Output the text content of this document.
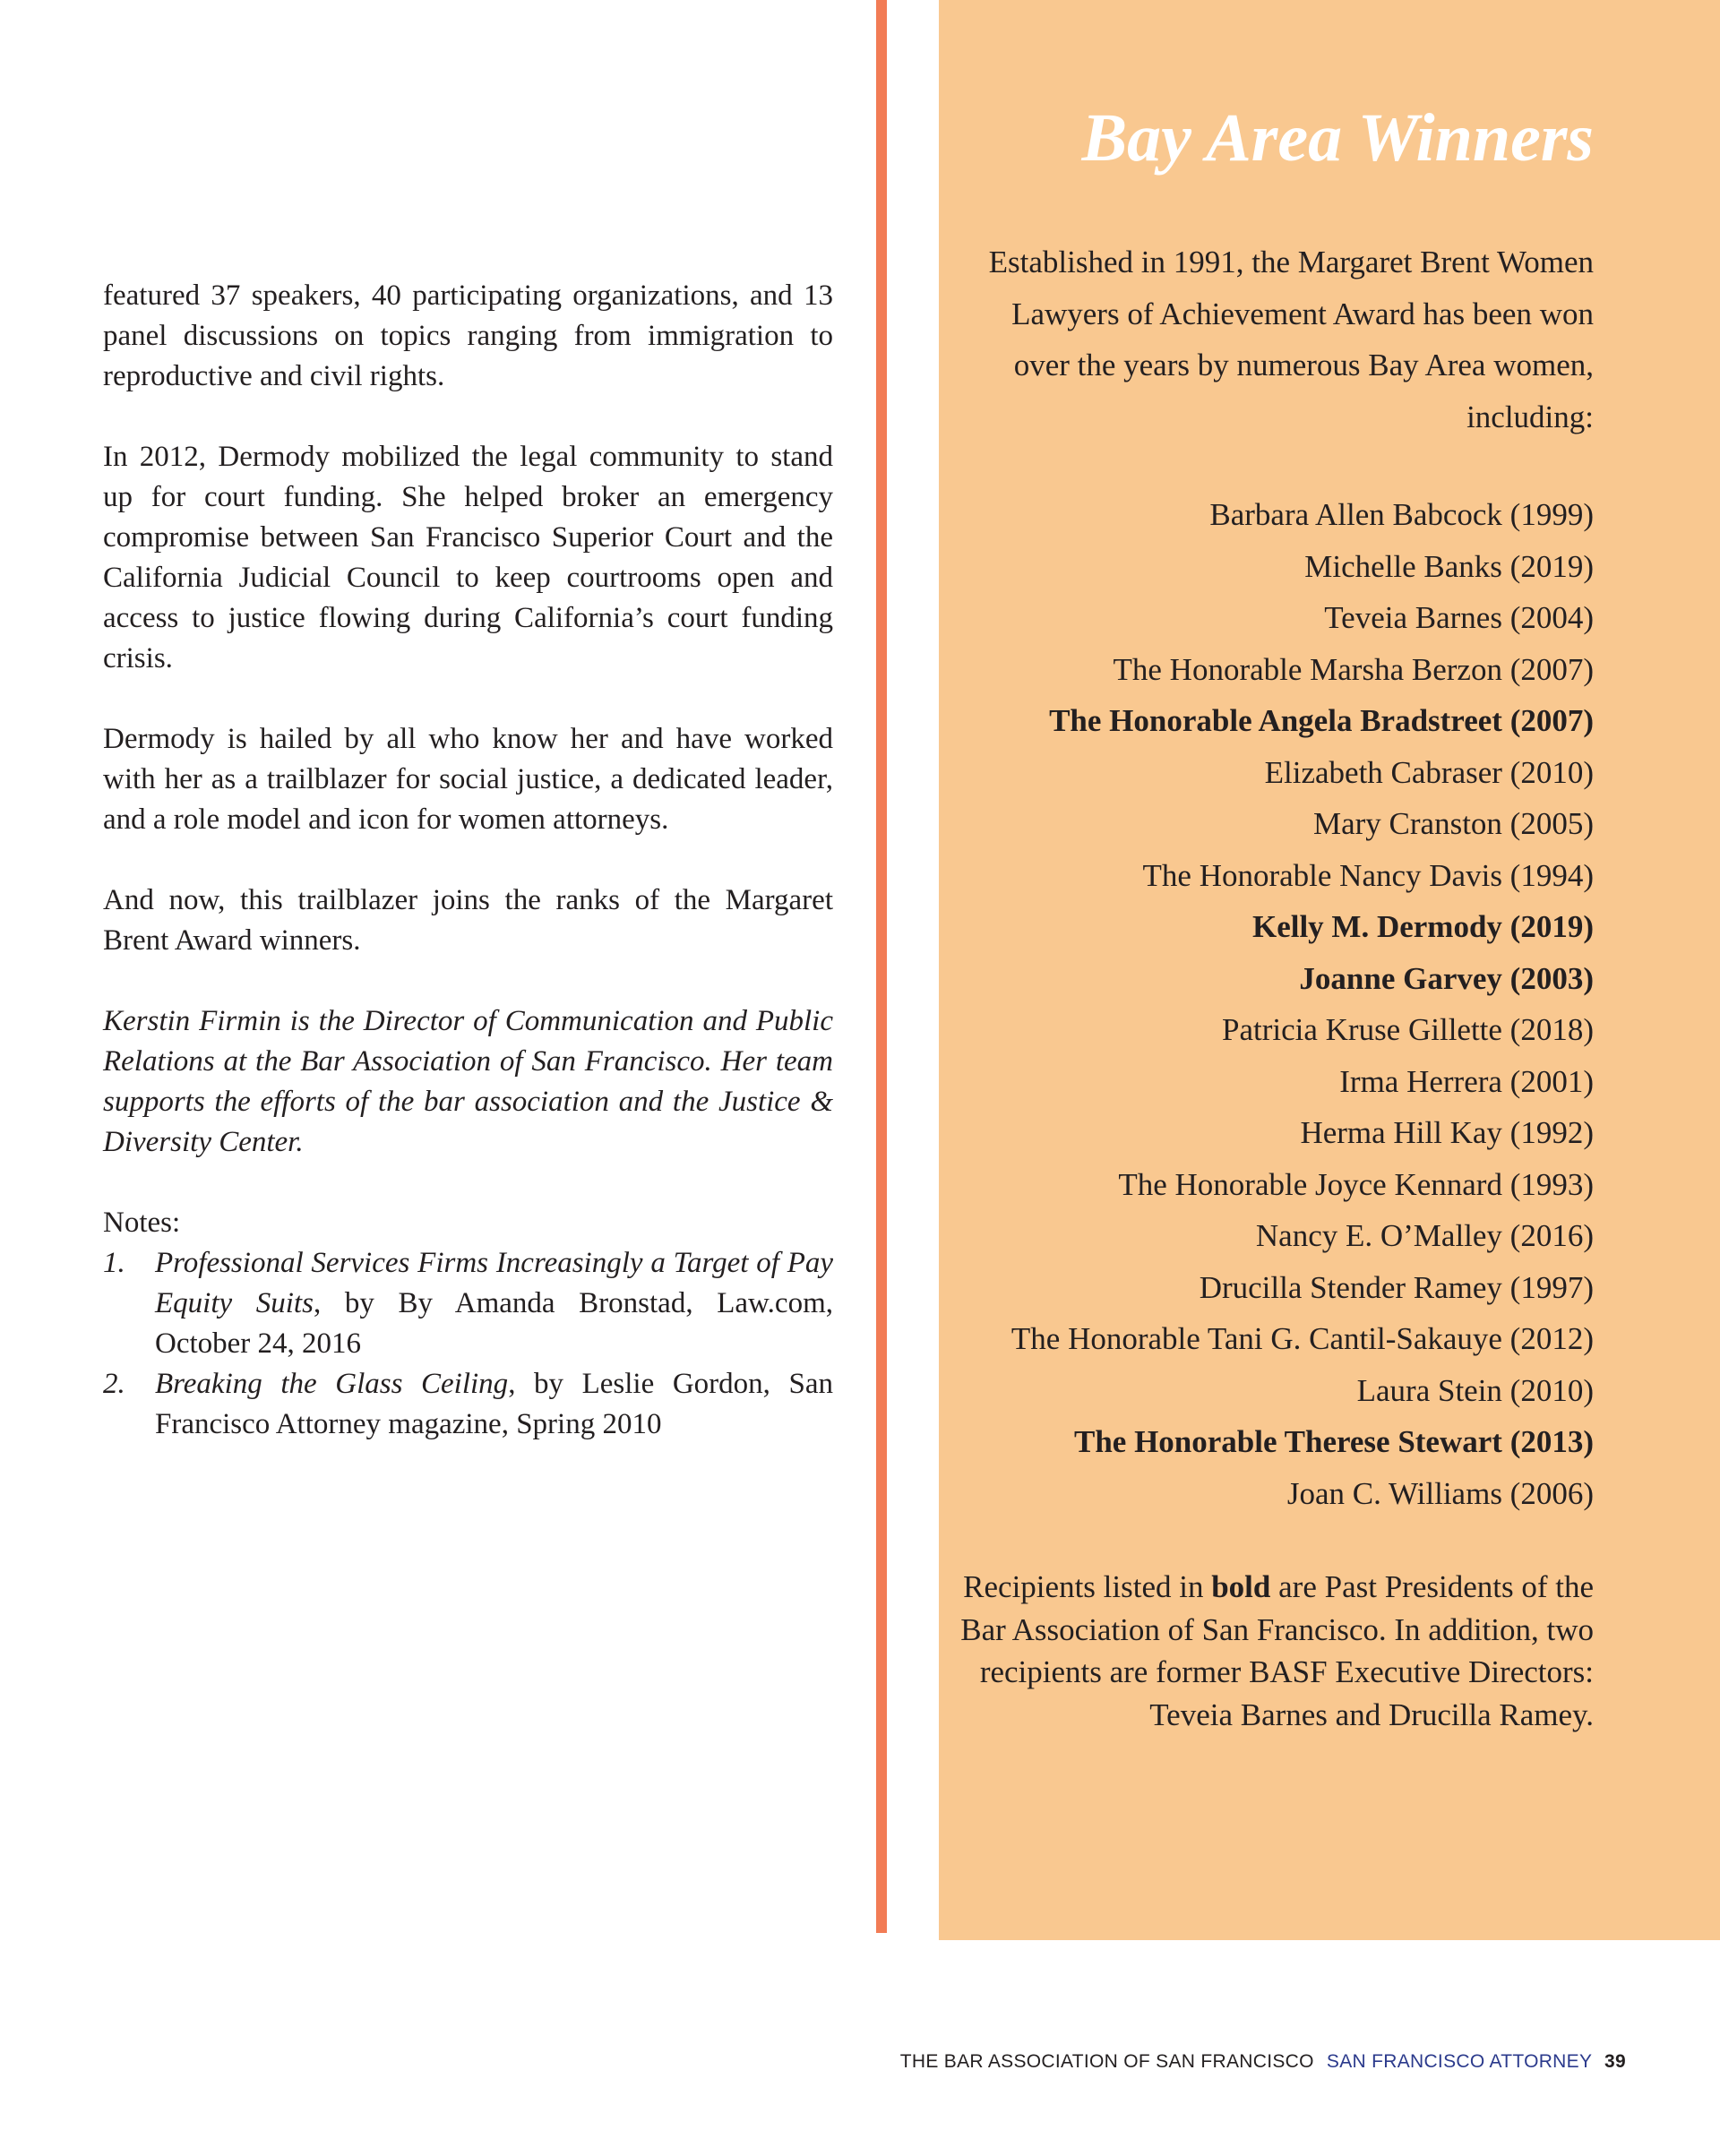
featured 37 speakers, 40 participating organizations, and 13 panel discussions on topics ranging from immigration to reproductive and civil rights.

In 2012, Dermody mobilized the legal community to stand up for court funding. She helped broker an emergency compromise between San Francisco Superior Court and the California Judicial Council to keep courtrooms open and access to justice flowing during California’s court funding crisis.

Dermody is hailed by all who know her and have worked with her as a trailblazer for social justice, a dedicated leader, and a role model and icon for women attorneys.

And now, this trailblazer joins the ranks of the Margaret Brent Award winners.

Kerstin Firmin is the Director of Communication and Public Relations at the Bar Association of San Francisco. Her team supports the efforts of the bar association and the Justice & Diversity Center.

Notes:

1. Professional Services Firms Increasingly a Target of Pay Equity Suits, by By Amanda Bronstad, Law.com, October 24, 2016
2. Breaking the Glass Ceiling, by Leslie Gordon, San Francisco Attorney magazine, Spring 2010
Bay Area Winners
Established in 1991, the Margaret Brent Women Lawyers of Achievement Award has been won over the years by numerous Bay Area women, including:
Barbara Allen Babcock (1999)
Michelle Banks (2019)
Teveia Barnes (2004)
The Honorable Marsha Berzon (2007)
The Honorable Angela Bradstreet (2007)
Elizabeth Cabraser (2010)
Mary Cranston (2005)
The Honorable Nancy Davis (1994)
Kelly M. Dermody (2019)
Joanne Garvey (2003)
Patricia Kruse Gillette (2018)
Irma Herrera (2001)
Herma Hill Kay (1992)
The Honorable Joyce Kennard (1993)
Nancy E. O’Malley (2016)
Drucilla Stender Ramey (1997)
The Honorable Tani G. Cantil-Sakauye (2012)
Laura Stein (2010)
The Honorable Therese Stewart (2013)
Joan C. Williams (2006)
Recipients listed in bold are Past Presidents of the Bar Association of San Francisco. In addition, two recipients are former BASF Executive Directors: Teveia Barnes and Drucilla Ramey.
THE BAR ASSOCIATION OF SAN FRANCISCO SAN FRANCISCO ATTORNEY 39
